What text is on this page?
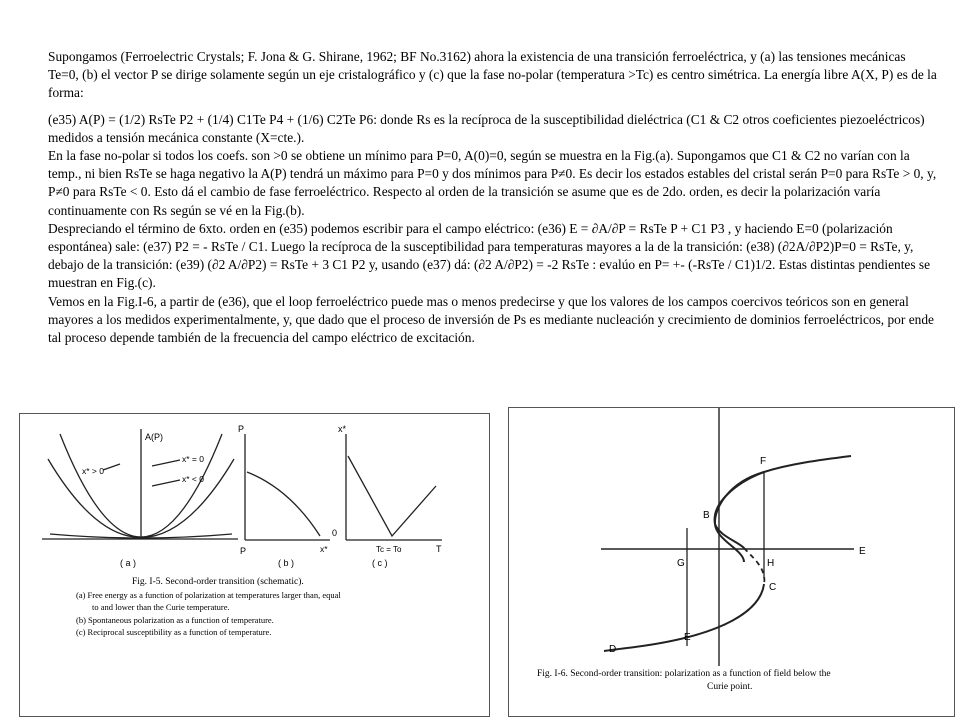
Supongamos (Ferroelectric Crystals; F. Jona & G. Shirane, 1962; BF No.3162) ahora la existencia de una transición ferroeléctrica, y (a) las tensiones mecánicas Te=0, (b) el vector P se dirige solamente según un eje cristalográfico y (c) que la fase no-polar (temperatura >Tc) es centro simétrica. La energía libre A(X, P) es de la forma:

(e35) A(P) = (1/2) RsTe P2 + (1/4) C1Te P4 + (1/6) C2Te P6: donde Rs es la recíproca de la susceptibilidad dieléctrica (C1 & C2 otros coeficientes piezoeléctricos) medidos a tensión mecánica constante (X=cte.).

En la fase no-polar si todos los coefs. son >0 se obtiene un mínimo para P=0, A(0)=0, según se muestra en la Fig.(a). Supongamos que C1 & C2 no varían con la temp., ni bien RsTe se haga negativo la A(P) tendrá un máximo para P=0 y dos mínimos para P≠0. Es decir los estados estables del cristal serán P=0 para RsTe > 0, y, P≠0 para RsTe < 0. Esto dá el cambio de fase ferroeléctrico. Respecto al orden de la transición se asume que es de 2do. orden, es decir la polarización varía continuamente con Rs según se vé en la Fig.(b).

Despreciando el término de 6xto. orden en (e35) podemos escribir para el campo eléctrico: (e36) E = ∂A/∂P = RsTe P + C1 P3 , y haciendo E=0 (polarización espontánea) sale: (e37) P2 = - RsTe / C1. Luego la recíproca de la susceptibilidad para temperaturas mayores a la de la transición: (e38) (∂2A/∂P2)P=0 = RsTe, y, debajo de la transición: (e39) (∂2 A/∂P2) = RsTe + 3 C1 P2 y, usando (e37) dá: (∂2 A/∂P2) = -2 RsTe : evalúo en P= +- (-RsTe / C1)1/2. Estas distintas pendientes se muestran en Fig.(c).

Vemos en la Fig.I-6, a partir de (e36), que el loop ferroeléctrico puede mas o menos predecirse y que los valores de los campos coercivos teóricos son en general mayores a los medidos experimentalmente, y, que dado que el proceso de inversión de Ps es mediante nucleación y crecimiento de dominios ferroeléctricos, por ende tal proceso depende también de la frecuencia del campo eléctrico de excitación.

A(P)
P
x* > 0
x* = 0
x* < 0
( a )
P
0
x*
( b )
x*
T
Tc = To
( c )
Fig. I-5. Second-order transition (schematic).
(a) Free energy as a function of polarization at temperatures larger than, equal
to and lower than the Curie temperature.
(b) Spontaneous polarization as a function of temperature.
(c) Reciprocal susceptibility as a function of temperature.
B
F
G	H
E
C
D
E
Fig. I-6. Second-order transition: polarization as a function of field below the
Curie point.
